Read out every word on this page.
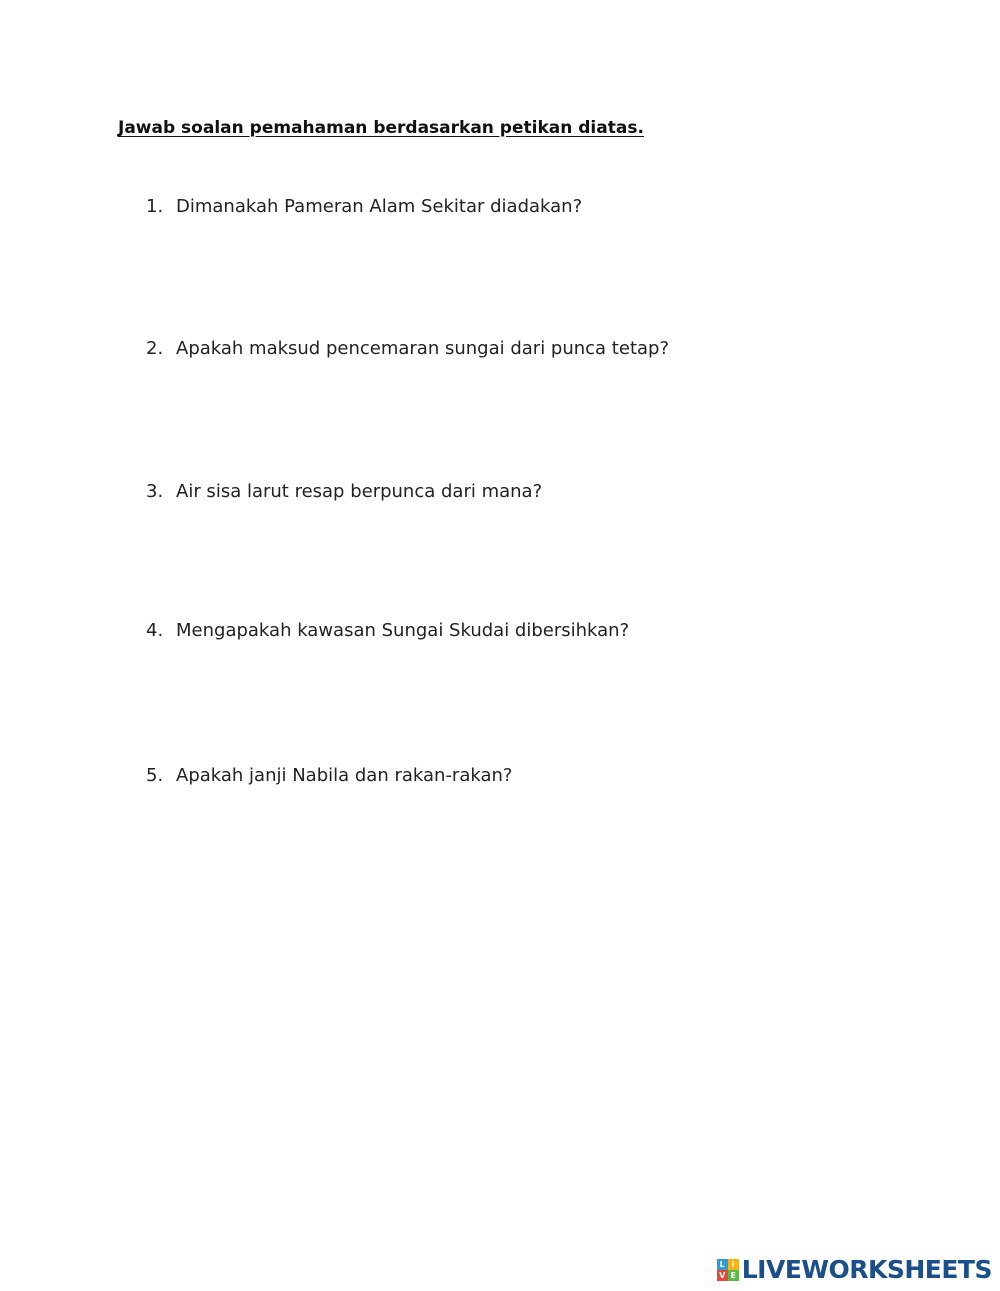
Jawab soalan pemahaman berdasarkan petikan diatas.
1. Dimanakah Pameran Alam Sekitar diadakan?
2. Apakah maksud pencemaran sungai dari punca tetap?
3. Air sisa larut resap berpunca dari mana?
4. Mengapakah kawasan Sungai Skudai dibersihkan?
5. Apakah janji Nabila dan rakan-rakan?
L I
V E LIVEWORKSHEETS
